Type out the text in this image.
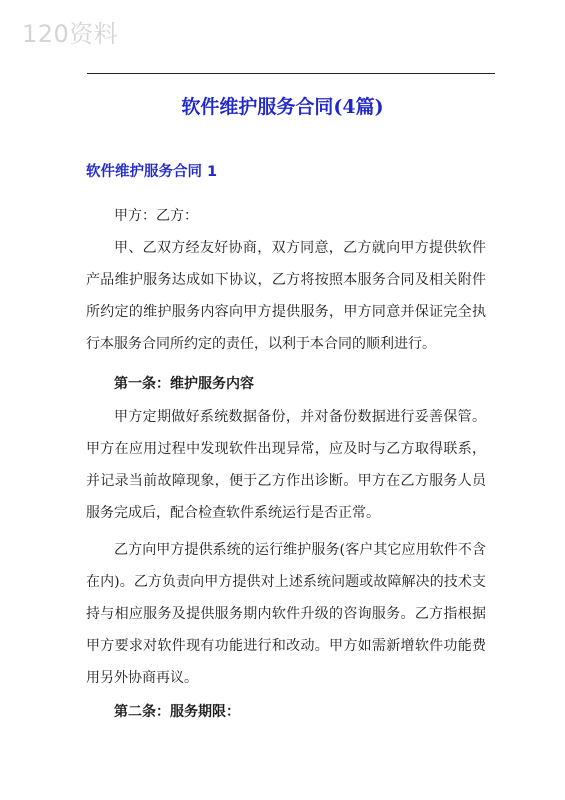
120资料
软件维护服务合同(4篇)
软件维护服务合同 1

甲方：乙方：

甲、乙双方经友好协商，双方同意，乙方就向甲方提供软件产品维护服务达成如下协议，乙方将按照本服务合同及相关附件所约定的维护服务内容向甲方提供服务，甲方同意并保证完全执行本服务合同所约定的责任，以利于本合同的顺利进行。

第一条：维护服务内容

甲方定期做好系统数据备份，并对备份数据进行妥善保管。甲方在应用过程中发现软件出现异常，应及时与乙方取得联系，并记录当前故障现象，便于乙方作出诊断。甲方在乙方服务人员服务完成后，配合检查软件系统运行是否正常。

乙方向甲方提供系统的运行维护服务(客户其它应用软件不含在内)。乙方负责向甲方提供对上述系统问题或故障解决的技术支持与相应服务及提供服务期内软件升级的咨询服务。乙方指根据甲方要求对软件现有功能进行和改动。甲方如需新增软件功能费用另外协商再议。

第二条：服务期限：
